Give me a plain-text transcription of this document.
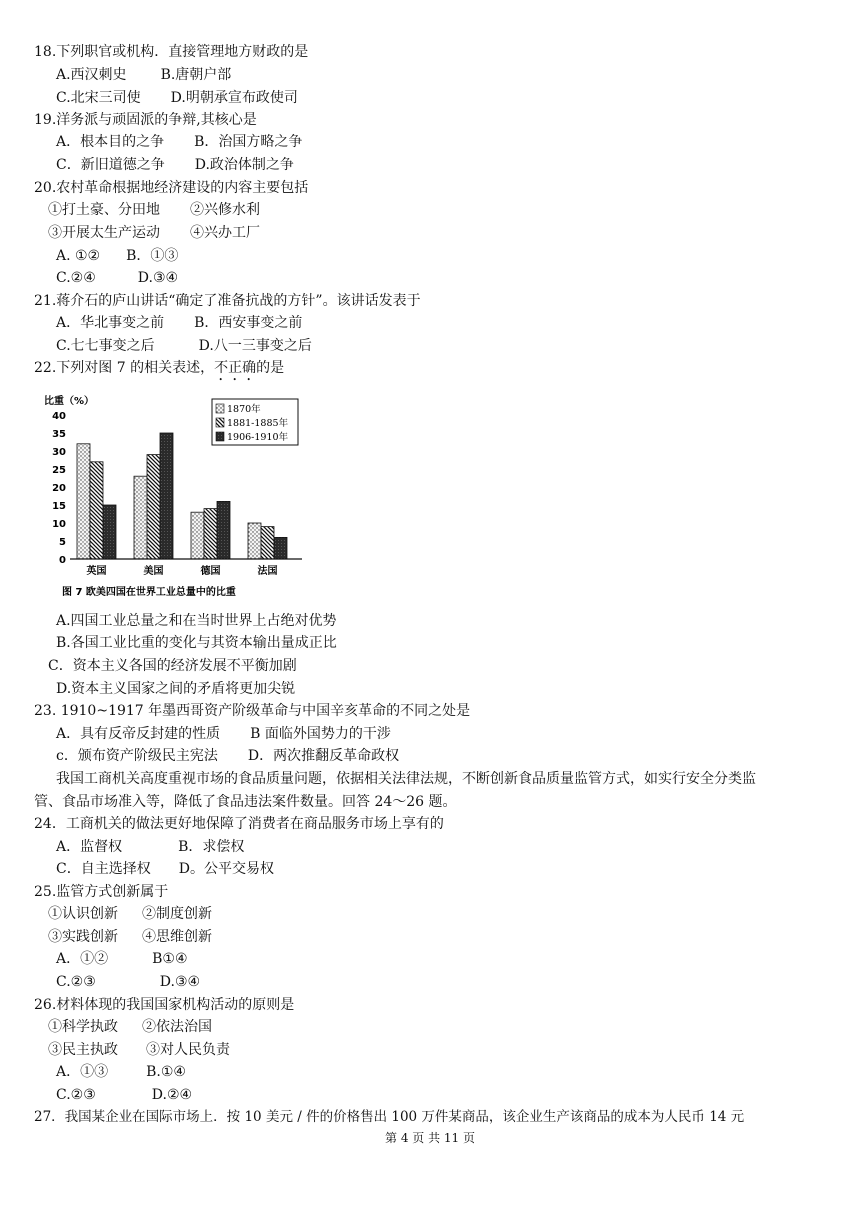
18.下列职官或机构．直接管理地方财政的是
A.西汉刺史 B.唐朝户部
C.北宋三司使 D.明朝承宣布政使司
19.洋务派与顽固派的争辩,其核心是
A．根本目的之争 B．治国方略之争
C．新旧道德之争 D.政治体制之争
20.农村革命根据地经济建设的内容主要包括
①打土豪、分田地 ②兴修水利
③开展太生产运动 ④兴办工厂
A. ①② B．①③
C.②④	D.③④
21.蒋介石的庐山讲话“确定了准备抗战的方针”。该讲话发表于
A．华北事变之前 B．西安事变之前
C.七七事变之后	D.八一三事变之后
22.下列对图 7 的相关表述，不正确的是
比重（%）
0
5
10
15
20
25
30
35
40
英国	美国	德国	法国
1870年
1881-1885年
1906-1910年
图 7 欧美四国在世界工业总量中的比重
A.四国工业总量之和在当时世界上占绝对优势
B.各国工业比重的变化与其资本输出量成正比
C．资本主义各国的经济发展不平衡加剧
D.资本主义国家之间的矛盾将更加尖锐
23. 1910~1917 年墨西哥资产阶级革命与中国辛亥革命的不同之处是
A．具有反帝反封建的性质 B 面临外国势力的干涉
c．颁布资产阶级民主宪法 D．两次推翻反革命政权
我国工商机关高度重视市场的食品质量问题，依据相关法律法规，不断创新食品质量监管方式，如实行安全分类监
管、食品市场准入等，降低了食品违法案件数量。回答 24～26 题。
24．工商机关的做法更好地保障了消费者在商品服务市场上享有的
A．监督权	B．求偿权
C．自主选择权 D。公平交易权
25.监管方式创新属于
①认识创新 ②制度创新
③实践创新 ④思维创新
A．①②	B①④
C.②③	D.③④
26.材料体现的我国国家机构活动的原则是
①科学执政 ②依法治国
③民主执政 ③对人民负责
A．①③	B.①④
C.②③	D.②④
27．我国某企业在国际市场上．按 10 美元 / 件的价格售出 100 万件某商品，该企业生产该商品的成本为人民币 14 元
第 4 页 共 11 页
